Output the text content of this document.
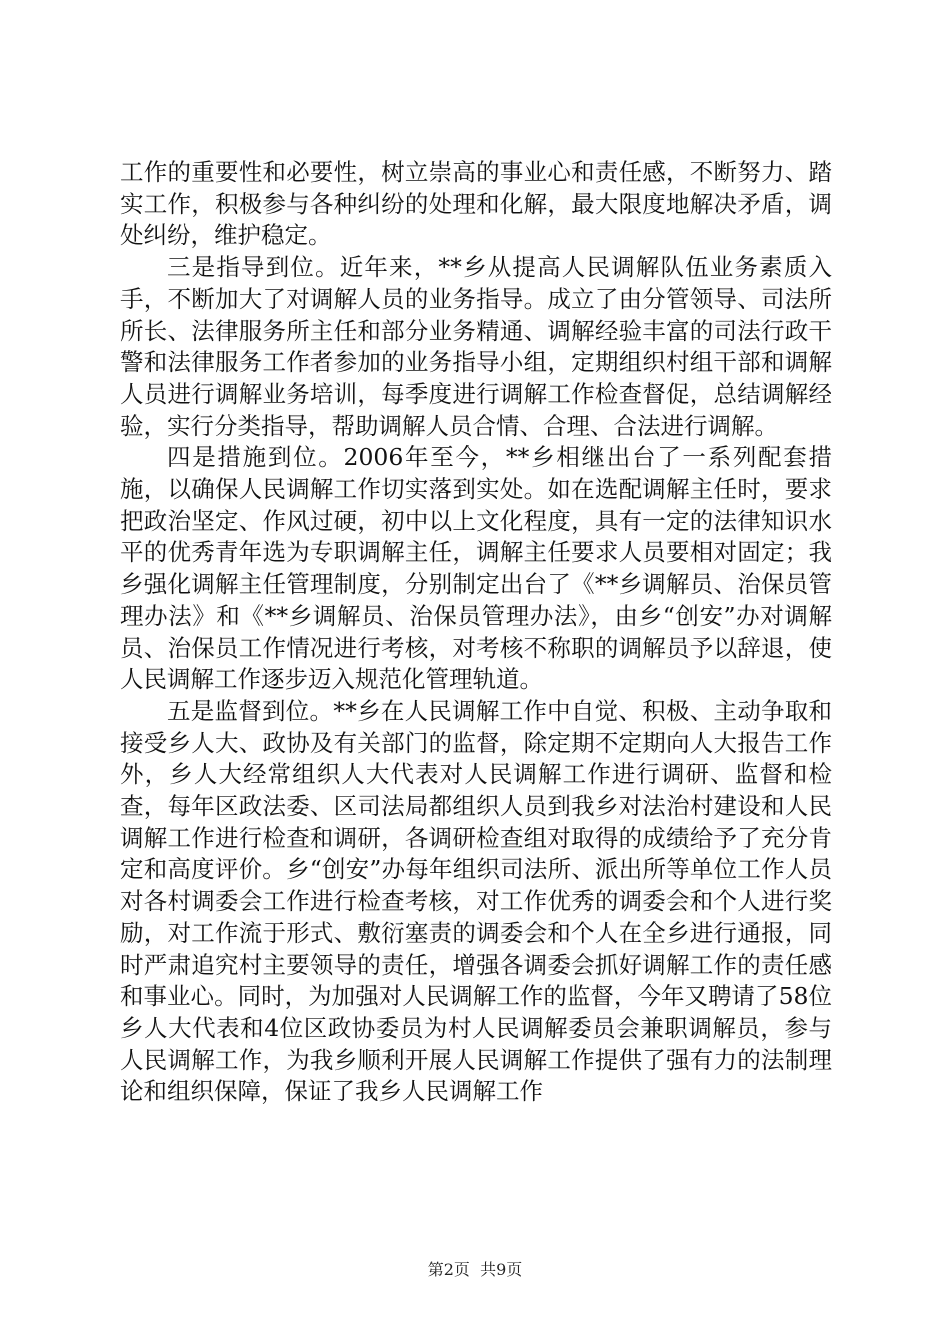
工作的重要性和必要性，树立崇高的事业心和责任感，不断努力、踏实工作，积极参与各种纠纷的处理和化解，最大限度地解决矛盾，调处纠纷，维护稳定。

三是指导到位。近年来，**乡从提高人民调解队伍业务素质入手，不断加大了对调解人员的业务指导。成立了由分管领导、司法所所长、法律服务所主任和部分业务精通、调解经验丰富的司法行政干警和法律服务工作者参加的业务指导小组，定期组织村组干部和调解人员进行调解业务培训，每季度进行调解工作检查督促，总结调解经验，实行分类指导，帮助调解人员合情、合理、合法进行调解。

四是措施到位。2006年至今，**乡相继出台了一系列配套措施，以确保人民调解工作切实落到实处。如在选配调解主任时，要求把政治坚定、作风过硬，初中以上文化程度，具有一定的法律知识水平的优秀青年选为专职调解主任，调解主任要求人员要相对固定；我乡强化调解主任管理制度，分别制定出台了《**乡调解员、治保员管理办法》和《**乡调解员、治保员管理办法》，由乡“创安”办对调解员、治保员工作情况进行考核，对考核不称职的调解员予以辞退，使人民调解工作逐步迈入规范化管理轨道。

五是监督到位。**乡在人民调解工作中自觉、积极、主动争取和接受乡人大、政协及有关部门的监督，除定期不定期向人大报告工作外，乡人大经常组织人大代表对人民调解工作进行调研、监督和检查，每年区政法委、区司法局都组织人员到我乡对法治村建设和人民调解工作进行检查和调研，各调研检查组对取得的成绩给予了充分肯定和高度评价。乡“创安”办每年组织司法所、派出所等单位工作人员对各村调委会工作进行检查考核，对工作优秀的调委会和个人进行奖励，对工作流于形式、敷衍塞责的调委会和个人在全乡进行通报，同时严肃追究村主要领导的责任，增强各调委会抓好调解工作的责任感和事业心。同时，为加强对人民调解工作的监督，今年又聘请了58位乡人大代表和4位区政协委员为村人民调解委员会兼职调解员，参与人民调解工作，为我乡顺利开展人民调解工作提供了强有力的法制理论和组织保障，保证了我乡人民调解工作

第2页  共9页
